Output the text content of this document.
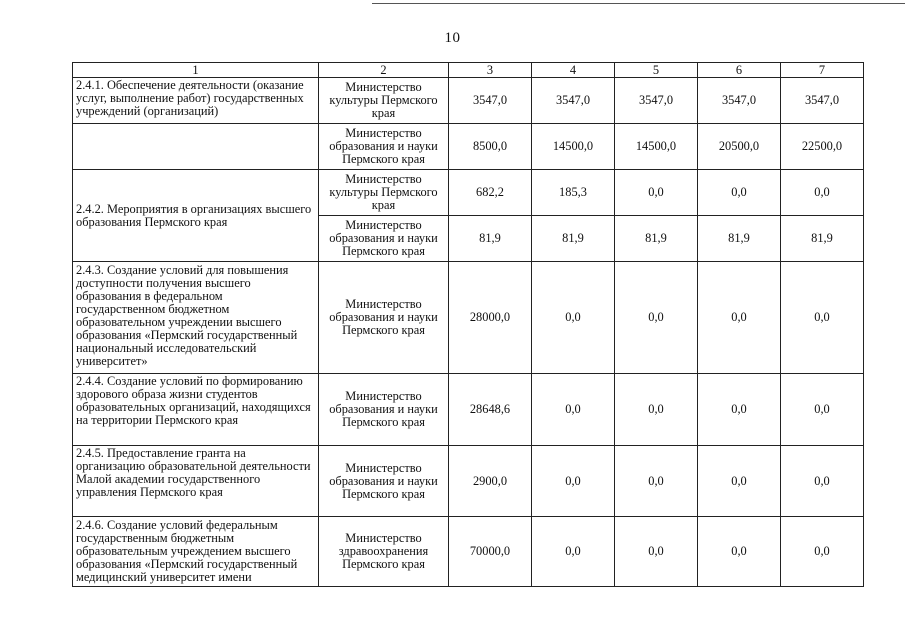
10
1	2	3	4	5	6	7
2.4.1. Обеспечение деятельности (оказание услуг, выполнение работ) государственных учреждений (организаций)	Министерство культуры Пермского края	3547,0	3547,0	3547,0	3547,0	3547,0
	Министерство образования и науки Пермского края	8500,0	14500,0	14500,0	20500,0	22500,0
2.4.2. Мероприятия в организациях высшего образования Пермского края	Министерство культуры Пермского края	682,2	185,3	0,0	0,0	0,0
	Министерство образования и науки Пермского края	81,9	81,9	81,9	81,9	81,9
2.4.3. Создание условий для повышения доступности получения высшего образования в федеральном государственном бюджетном образовательном учреждении высшего образования «Пермский государственный национальный исследовательский университет»	Министерство образования и науки Пермского края	28000,0	0,0	0,0	0,0	0,0
2.4.4. Создание условий по формированию здорового образа жизни студентов образовательных организаций, находящихся на территории Пермского края	Министерство образования и науки Пермского края	28648,6	0,0	0,0	0,0	0,0
2.4.5. Предоставление гранта на организацию образовательной деятельности Малой академии государственного управления Пермского края	Министерство образования и науки Пермского края	2900,0	0,0	0,0	0,0	0,0
2.4.6. Создание условий федеральным государственным бюджетным образовательным учреждением высшего образования «Пермский государственный медицинский университет имени	Министерство здравоохранения Пермского края	70000,0	0,0	0,0	0,0	0,0
